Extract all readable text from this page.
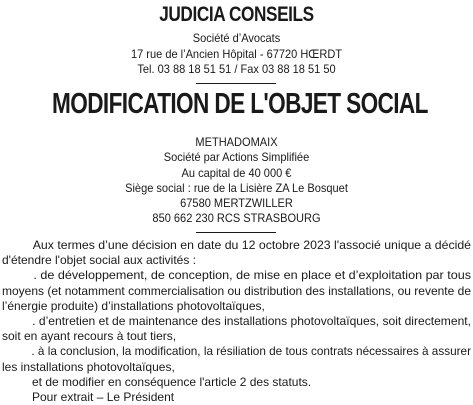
JUDICIA CONSEILS
Société d’Avocats
17 rue de l’Ancien Hôpital - 67720 HŒRDT
Tel. 03 88 18 51 51 / Fax 03 88 18 51 50
MODIFICATION DE L'OBJET SOCIAL
METHADOMAIX
Société par Actions Simplifiée
Au capital de 40 000 €
Siège social : rue de la Lisière ZA Le Bosquet
67580 MERTZWILLER
850 662 230 RCS STRASBOURG
Aux termes d’une décision en date du 12 octobre 2023 l'associé unique a décidé
d'étendre l'objet social aux activités :
. de développement, de conception, de mise en place et d’exploitation par tous
moyens (et notamment commercialisation ou distribution des installations, ou revente de
l’énergie produite) d’installations photovoltaïques,
. d’entretien et de maintenance des installations photovoltaïques, soit directement,
soit en ayant recours à tout tiers,
. à la conclusion, la modification, la résiliation de tous contrats nécessaires à assurer
les installations photovoltaïques,
et de modifier en conséquence l'article 2 des statuts.
Pour extrait – Le Président
